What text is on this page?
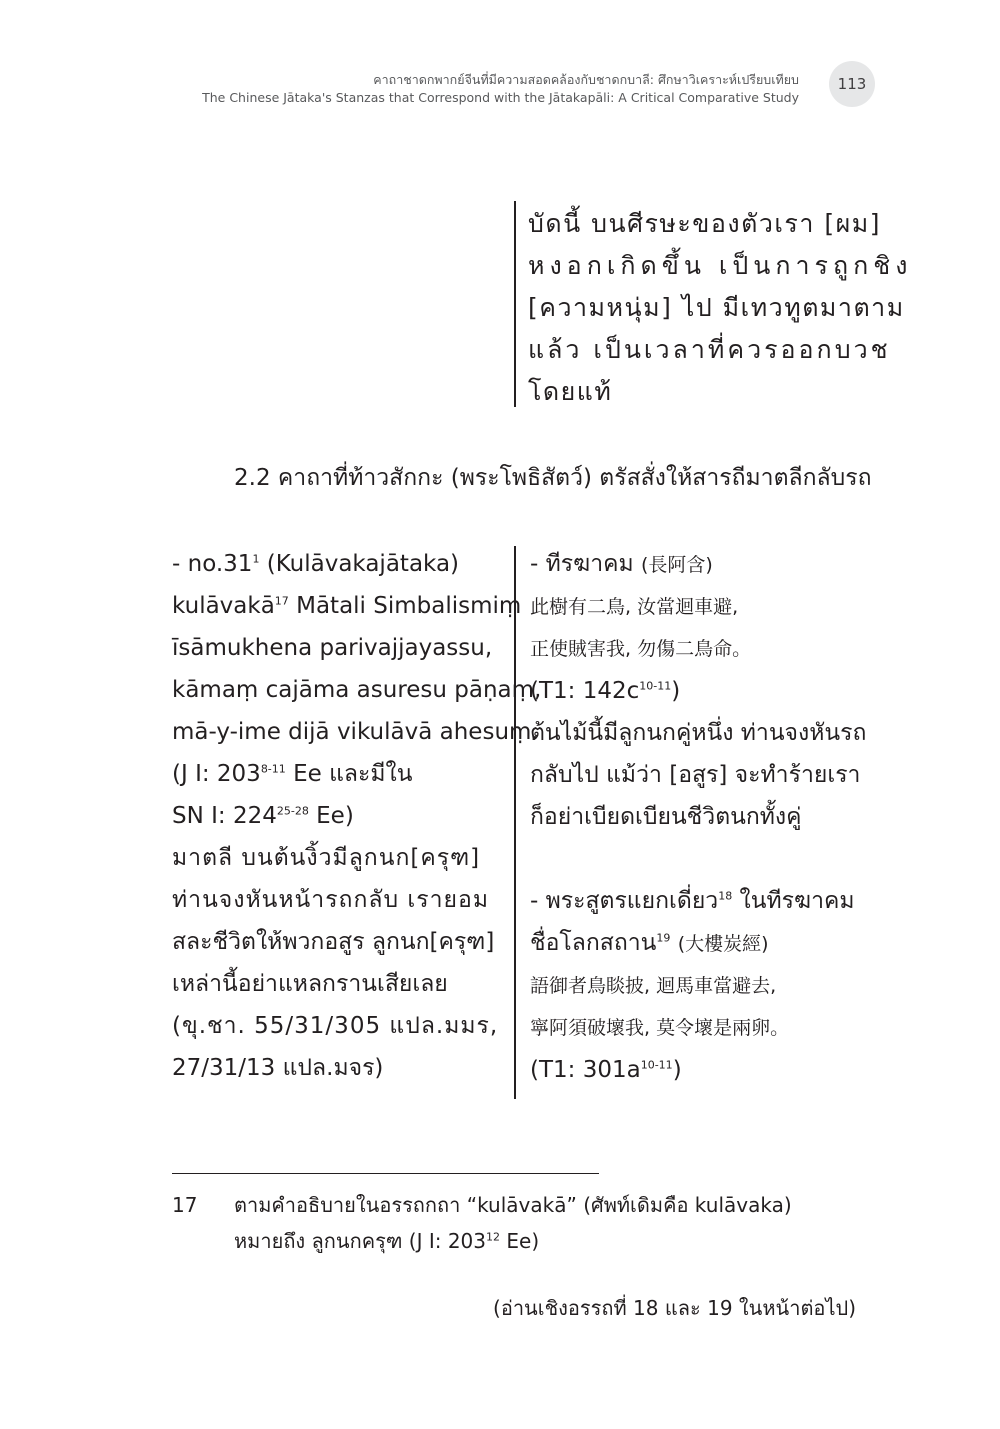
คาถาชาดกพากย์จีนที่มีความสอดคล้องกับชาดกบาลี: ศึกษาวิเคราะห์เปรียบเทียบ
The Chinese Jātaka's Stanzas that Correspond with the Jātakapāli: A Critical Comparative Study
113
บัดนี้ บนศีรษะของตัวเรา [ผม]
หงอกเกิดขึ้น เป็นการถูกชิง
[ความหนุ่ม] ไป มีเทวทูตมาตาม
แล้ว เป็นเวลาที่ควรออกบวช
โดยแท้
2.2 คาถาที่ท้าวสักกะ (พระโพธิสัตว์) ตรัสสั่งให้สารถีมาตลีกลับรถ
- $no.31^1$ (Kulāvakajātaka)
kulāvakā$^{17}$ Mātali Simbalismiṃ
īsāmukhena parivajjayassu,
kāmaṃ cajāma asuresu pāṇaṃ,
mā-y-ime dijā vikulāvā ahesuṃ.
(J I: 203$^{8-11}$ Ee และมีใน
SN I: 224$^{25-28}$ Ee)
มาตลี บนต้นงิ้วมีลูกนก[ครุฑ]
ท่านจงหันหน้ารถกลับ เรายอม
สละชีวิตให้พวกอสูร ลูกนก[ครุฑ]
เหล่านี้อย่าแหลกรานเสียเลย
(ขุ.ชา. 55/31/305 แปล.มมร,
27/31/13 แปล.มจร)
- ทีรฆาคม (長阿含)
此樹有二鳥, 汝當迴車避,
正使賊害我, 勿傷二鳥命。
(T1: $142c^{10-11}$)
ต้นไม้นี้มีลูกนกคู่หนึ่ง ท่านจงหันรถ
กลับไป แม้ว่า [อสูร] จะทำร้ายเรา
ก็อย่าเบียดเบียนชีวิตนกทั้งคู่
- พระสูตรแยกเดี่ยว$^{18}$ ในทีรฆาคม
ชื่อโลกสถาน$^{19}$ (大樓炭經)
語御者鳥睒披, 迴馬車當避去,
寧阿須破壞我, 莫令壞是兩卵。
(T1: $301a^{10-11}$)
17 ตามคำอธิบายในอรรถกถา “kulāvakā” (ศัพท์เดิมคือ kulāvaka)
หมายถึง ลูกนกครุฑ (J I: $203^{12}$ Ee)
(อ่านเชิงอรรถที่ 18 และ 19 ในหน้าต่อไป)
